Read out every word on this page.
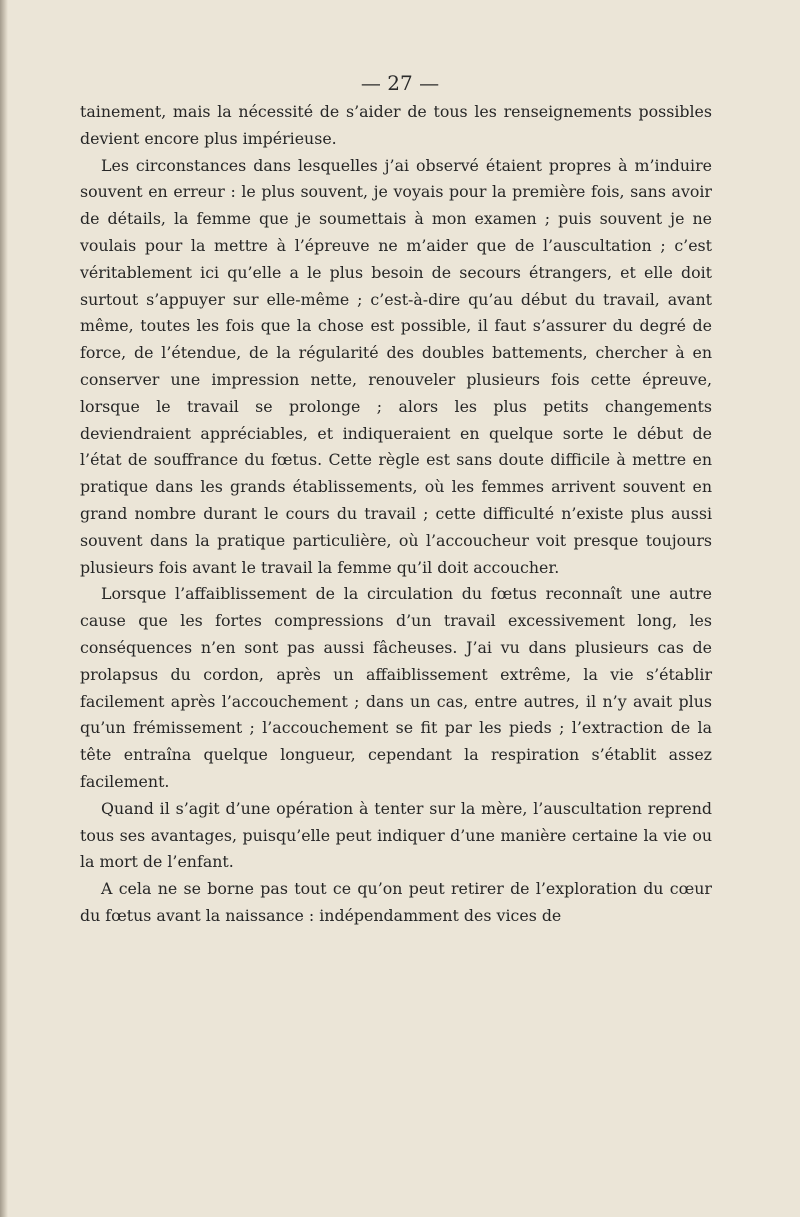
— 27 —

tainement, mais la nécessité de s’aider de tous les renseignements possibles devient encore plus impérieuse.

Les circonstances dans lesquelles j’ai observé étaient propres à m’induire souvent en erreur : le plus souvent, je voyais pour la première fois, sans avoir de détails, la femme que je soumettais à mon examen ; puis souvent je ne voulais pour la mettre à l’épreuve ne m’aider que de l’auscultation ; c’est véritablement ici qu’elle a le plus besoin de secours étrangers, et elle doit surtout s’appuyer sur elle-même ; c’est-à-dire qu’au début du travail, avant même, toutes les fois que la chose est possible, il faut s’assurer du degré de force, de l’étendue, de la régularité des doubles battements, chercher à en conserver une impression nette, renouveler plusieurs fois cette épreuve, lorsque le travail se prolonge ; alors les plus petits changements deviendraient appréciables, et indiqueraient en quelque sorte le début de l’état de souffrance du fœtus. Cette règle est sans doute difficile à mettre en pratique dans les grands établissements, où les femmes arrivent souvent en grand nombre durant le cours du travail ; cette difficulté n’existe plus aussi souvent dans la pratique particulière, où l’accoucheur voit presque toujours plusieurs fois avant le travail la femme qu’il doit accoucher.

Lorsque l’affaiblissement de la circulation du fœtus reconnaît une autre cause que les fortes compressions d’un travail excessivement long, les conséquences n’en sont pas aussi fâcheuses. J’ai vu dans plusieurs cas de prolapsus du cordon, après un affaiblissement extrême, la vie s’établir facilement après l’accouchement ; dans un cas, entre autres, il n’y avait plus qu’un frémissement ; l’accouchement se fit par les pieds ; l’extraction de la tête entraîna quelque longueur, cependant la respiration s’établit assez facilement.

Quand il s’agit d’une opération à tenter sur la mère, l’auscultation reprend tous ses avantages, puisqu’elle peut indiquer d’une manière certaine la vie ou la mort de l’enfant.

A cela ne se borne pas tout ce qu’on peut retirer de l’exploration du cœur du fœtus avant la naissance : indépendamment des vices de
